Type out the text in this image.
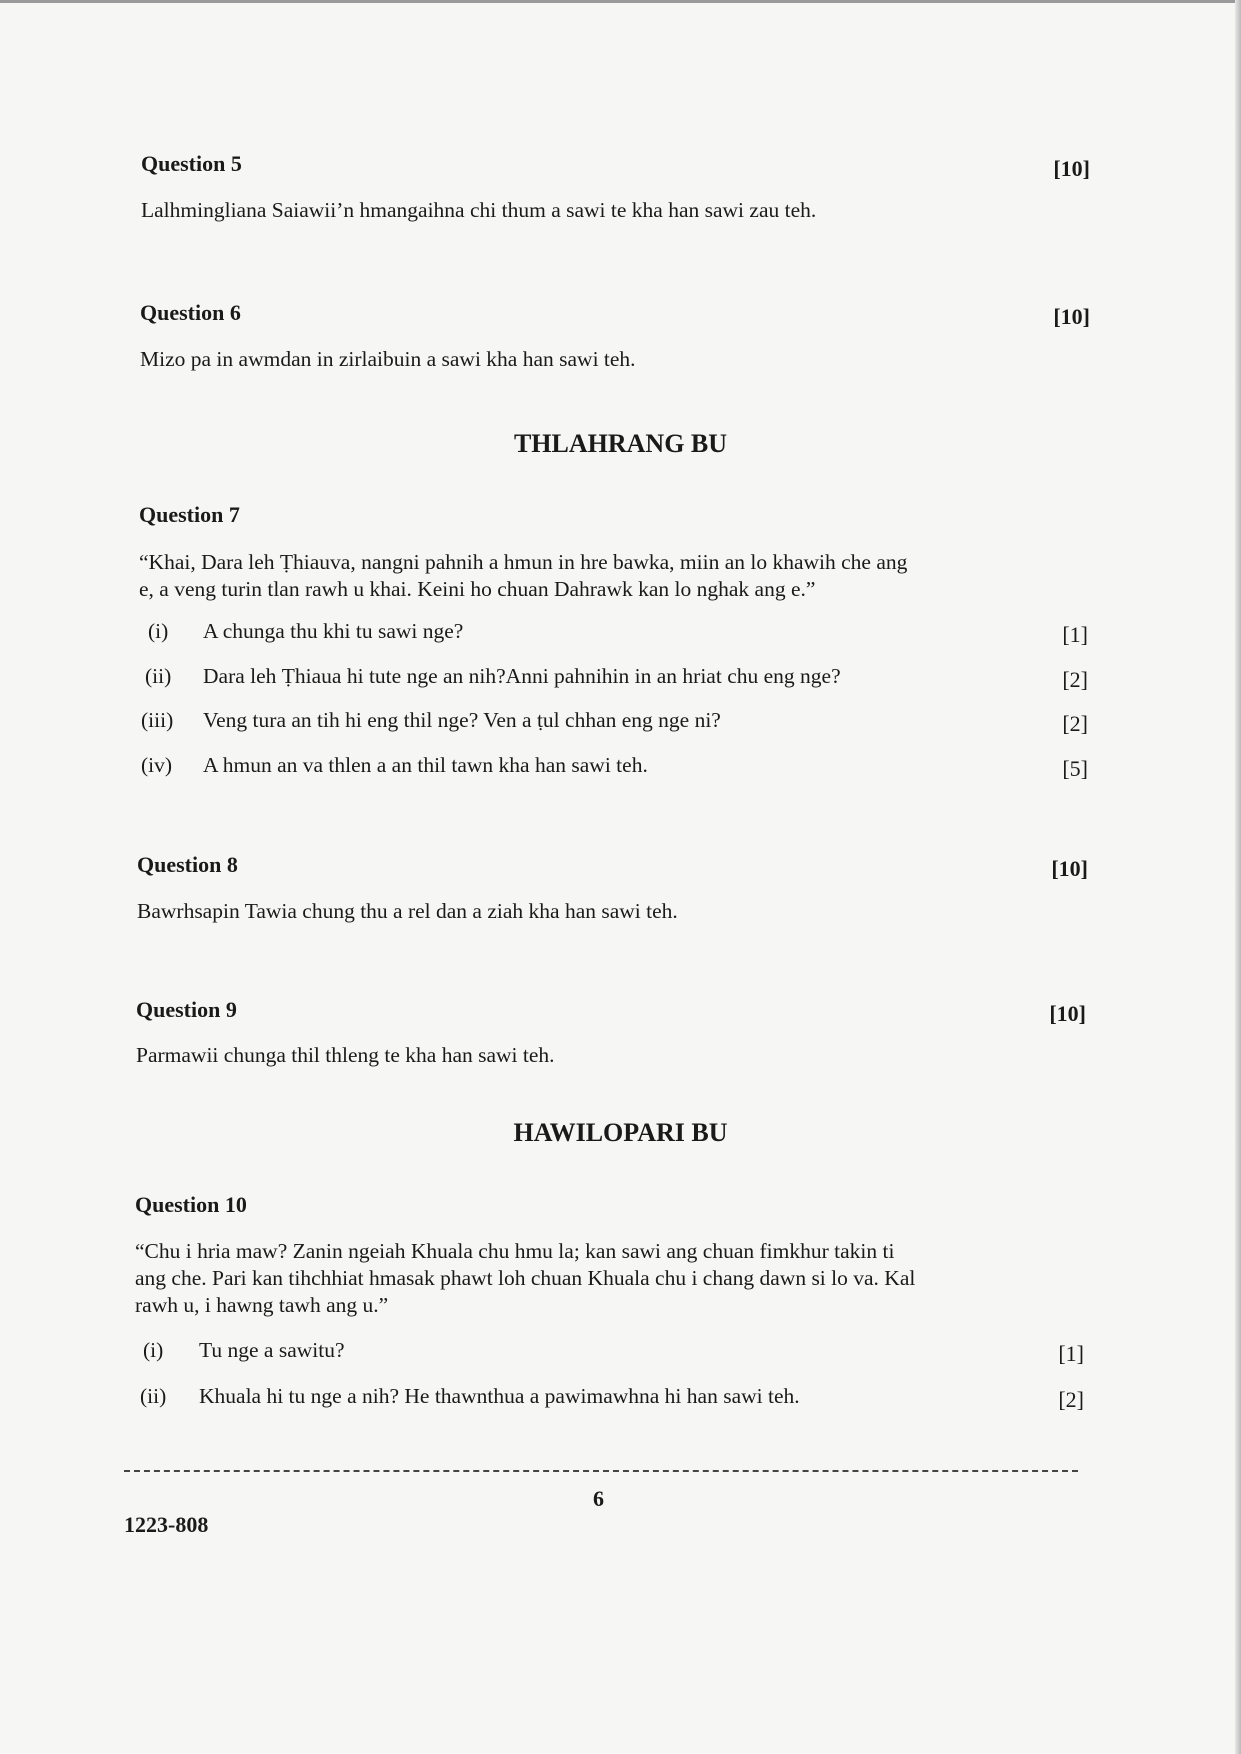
Question 5	[10]
Lalhmingliana Saiawii’n hmangaihna chi thum a sawi te kha han sawi zau teh.
Question 6	[10]
Mizo pa in awmdan in zirlaibuin a sawi kha han sawi teh.
THLAHRANG BU
Question 7
“Khai, Dara leh Ṭhiauva, nangni pahnih a hmun in hre bawka, miin an lo khawih che ang
e, a veng turin tlan rawh u khai. Keini ho chuan Dahrawk kan lo nghak ang e.”
(i) A chunga thu khi tu sawi nge?	[1]
(ii) Dara leh Ṭhiaua hi tute nge an nih?Anni pahnihin in an hriat chu eng nge?	[2]
(iii) Veng tura an tih hi eng thil nge? Ven a ṭul chhan eng nge ni?	[2]
(iv) A hmun an va thlen a an thil tawn kha han sawi teh.	[5]
Question 8	[10]
Bawrhsapin Tawia chung thu a rel dan a ziah kha han sawi teh.
Question 9	[10]
Parmawii chunga thil thleng te kha han sawi teh.
HAWILOPARI BU
Question 10
“Chu i hria maw? Zanin ngeiah Khuala chu hmu la; kan sawi ang chuan fimkhur takin ti
ang che. Pari kan tihchhiat hmasak phawt loh chuan Khuala chu i chang dawn si lo va. Kal
rawh u, i hawng tawh ang u.”
(i) Tu nge a sawitu?	[1]
(ii) Khuala hi tu nge a nih? He thawnthua a pawimawhna hi han sawi teh.	[2]
6
1223-808
